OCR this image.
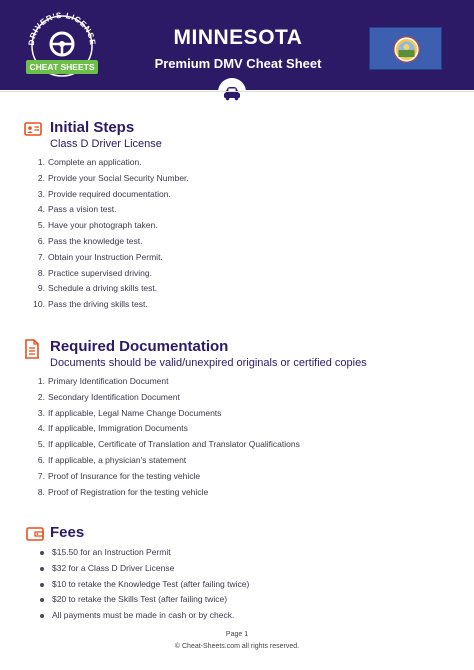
DRIVER'S LICENSE
CHEAT SHEETS
MINNESOTA
Premium DMV Cheat Sheet
Initial Steps
Class D Driver License
1. Complete an application.
2. Provide your Social Security Number.
3. Provide required documentation.
4. Pass a vision test.
5. Have your photograph taken.
6. Pass the knowledge test.
7. Obtain your Instruction Permit.
8. Practice supervised driving.
9. Schedule a driving skills test.
10. Pass the driving skills test.
Required Documentation
Documents should be valid/unexpired originals or certified copies
1. Primary Identification Document
2. Secondary Identification Document
3. If applicable, Legal Name Change Documents
4. If applicable, Immigration Documents
5. If applicable, Certificate of Translation and Translator Qualifications
6. If applicable, a physician's statement
7. Proof of Insurance for the testing vehicle
8. Proof of Registration for the testing vehicle
Fees
$15.50 for an Instruction Permit
$32 for a Class D Driver License
$10 to retake the Knowledge Test (after failing twice)
$20 to retake the Skills Test (after failing twice)
All payments must be made in cash or by check.
Page 1
© Cheat-Sheets.com all rights reserved.
